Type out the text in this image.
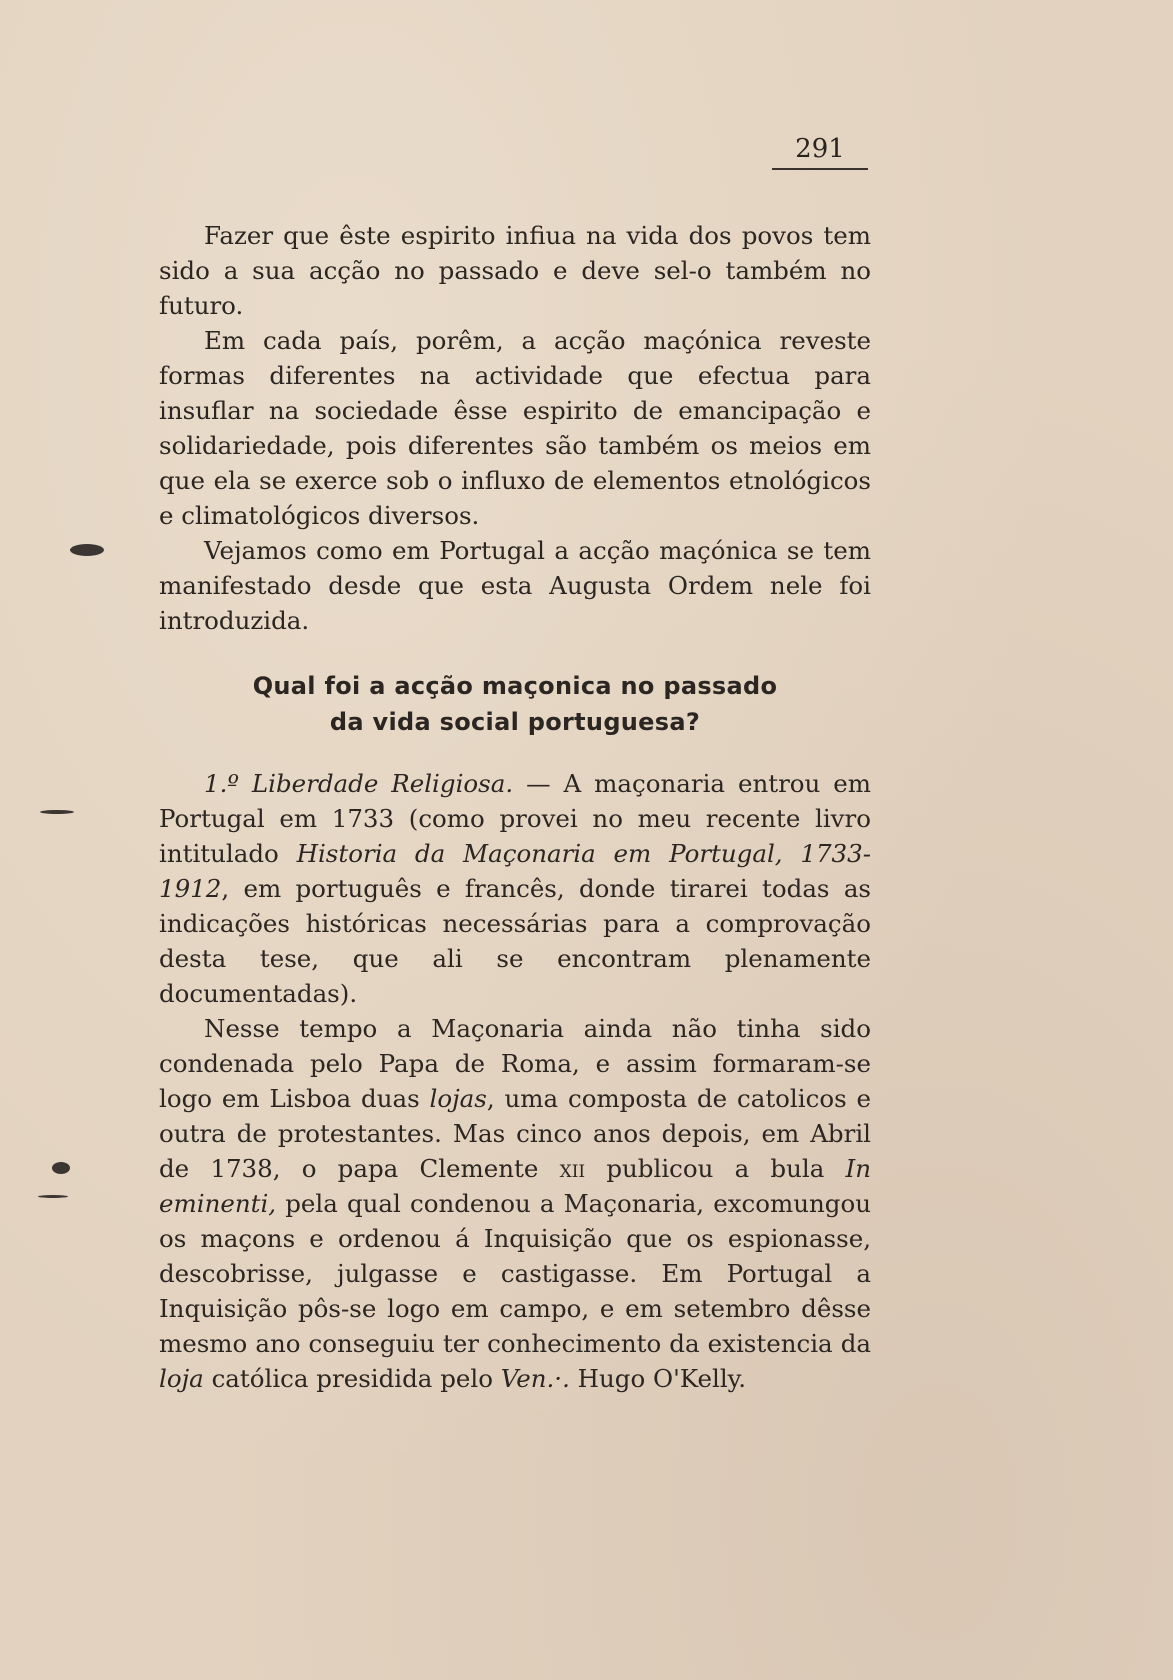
291

Fazer que êste espirito infiua na vida dos povos tem sido a sua acção no passado e deve sel-o também no futuro.

Em cada país, porêm, a acção maçónica reveste formas diferentes na actividade que efectua para insuflar na sociedade êsse espirito de emancipação e solidariedade, pois diferentes são também os meios em que ela se exerce sob o influxo de elementos etnológicos e climatológicos diversos.

Vejamos como em Portugal a acção maçónica se tem manifestado desde que esta Augusta Ordem nele foi introduzida.

Qual foi a acção maçonica no passado
da vida social portuguesa?

1.º Liberdade Religiosa. — A maçonaria entrou em Portugal em 1733 (como provei no meu recente livro intitulado Historia da Maçonaria em Portugal, 1733-1912, em português e francês, donde tirarei todas as indicações históricas necessárias para a comprovação desta tese, que ali se encontram plenamente documentadas).

Nesse tempo a Maçonaria ainda não tinha sido condenada pelo Papa de Roma, e assim formaram-se logo em Lisboa duas lojas, uma composta de catolicos e outra de protestantes. Mas cinco anos depois, em Abril de 1738, o papa Clemente xii publicou a bula In eminenti, pela qual condenou a Maçonaria, excomungou os maçons e ordenou á Inquisição que os espionasse, descobrisse, julgasse e castigasse. Em Portugal a Inquisição pôs-se logo em campo, e em setembro dêsse mesmo ano conseguiu ter conhecimento da existencia da loja católica presidida pelo Ven.·. Hugo O'Kelly.
